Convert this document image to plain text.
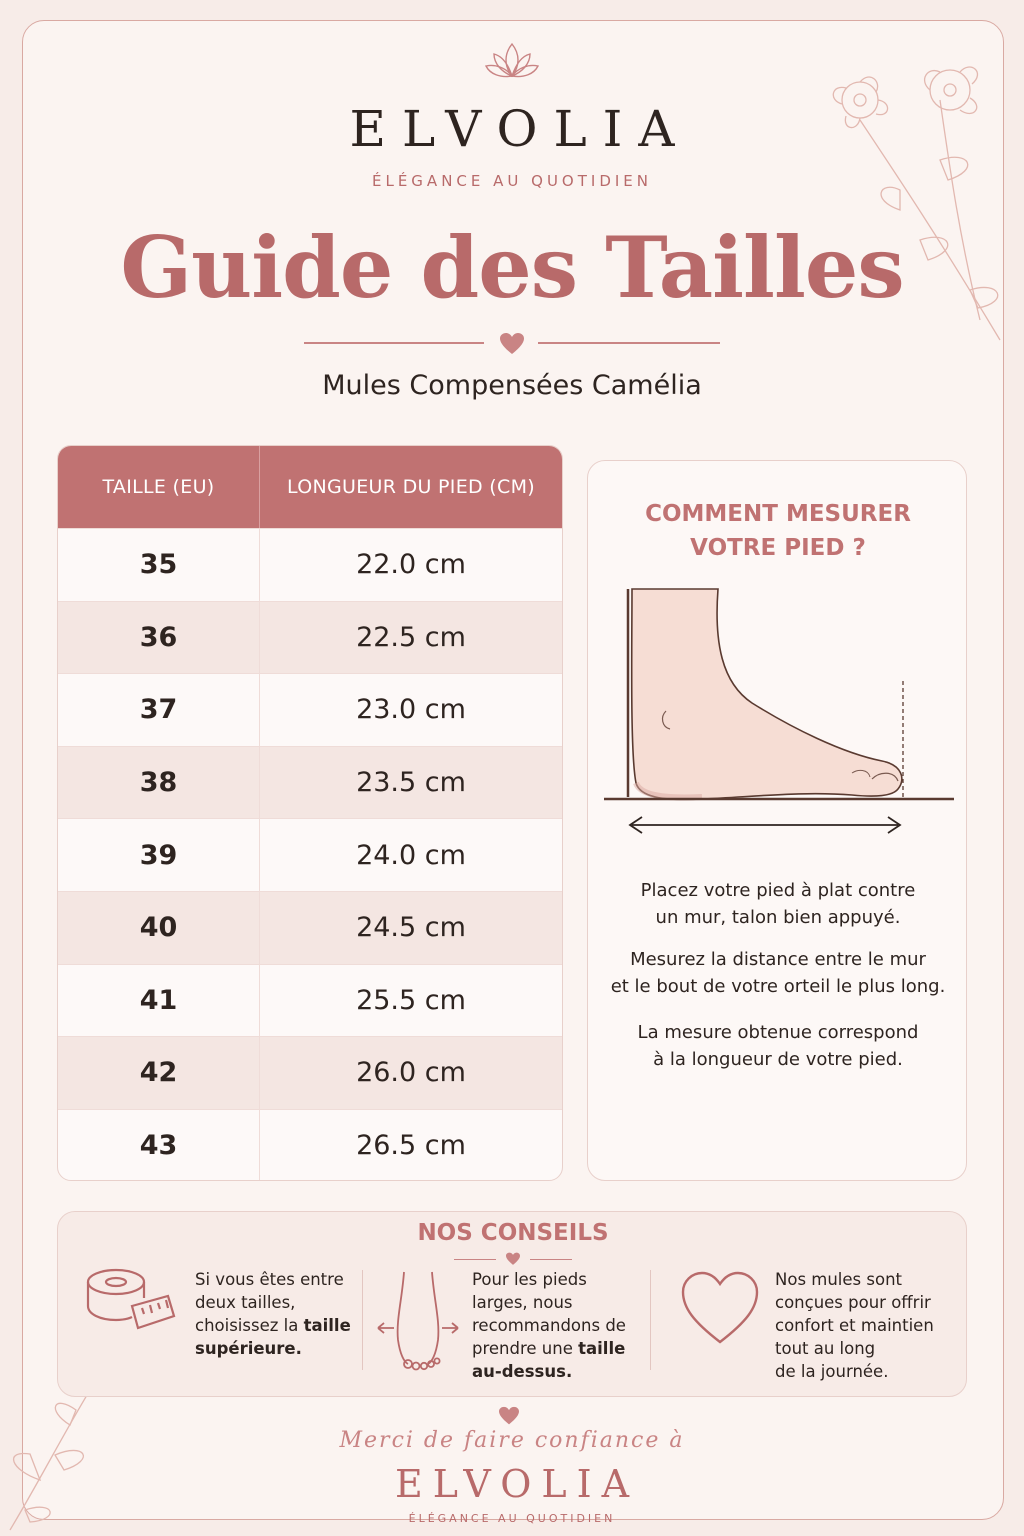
ELVOLIA
ÉLÉGANCE AU QUOTIDIEN
Guide des Tailles
Mules Compensées Camélia
TAILLE (EU)	LONGUEUR DU PIED (CM)
35	22.0 cm
36	22.5 cm
37	23.0 cm
38	23.5 cm
39	24.0 cm
40	24.5 cm
41	25.5 cm
42	26.0 cm
43	26.5 cm
COMMENT MESURER
VOTRE PIED ?
Placez votre pied à plat contre
un mur, talon bien appuyé.
Mesurez la distance entre le mur
et le bout de votre orteil le plus long.
La mesure obtenue correspond
à la longueur de votre pied.
NOS CONSEILS
Si vous êtes entre
deux tailles,
choisissez la taille
supérieure.
Pour les pieds
larges, nous
recommandons de
prendre une taille
au-dessus.
Nos mules sont
conçues pour offrir
confort et maintien
tout au long
de la journée.
Merci de faire confiance à
ELVOLIA
ÉLÉGANCE AU QUOTIDIEN
